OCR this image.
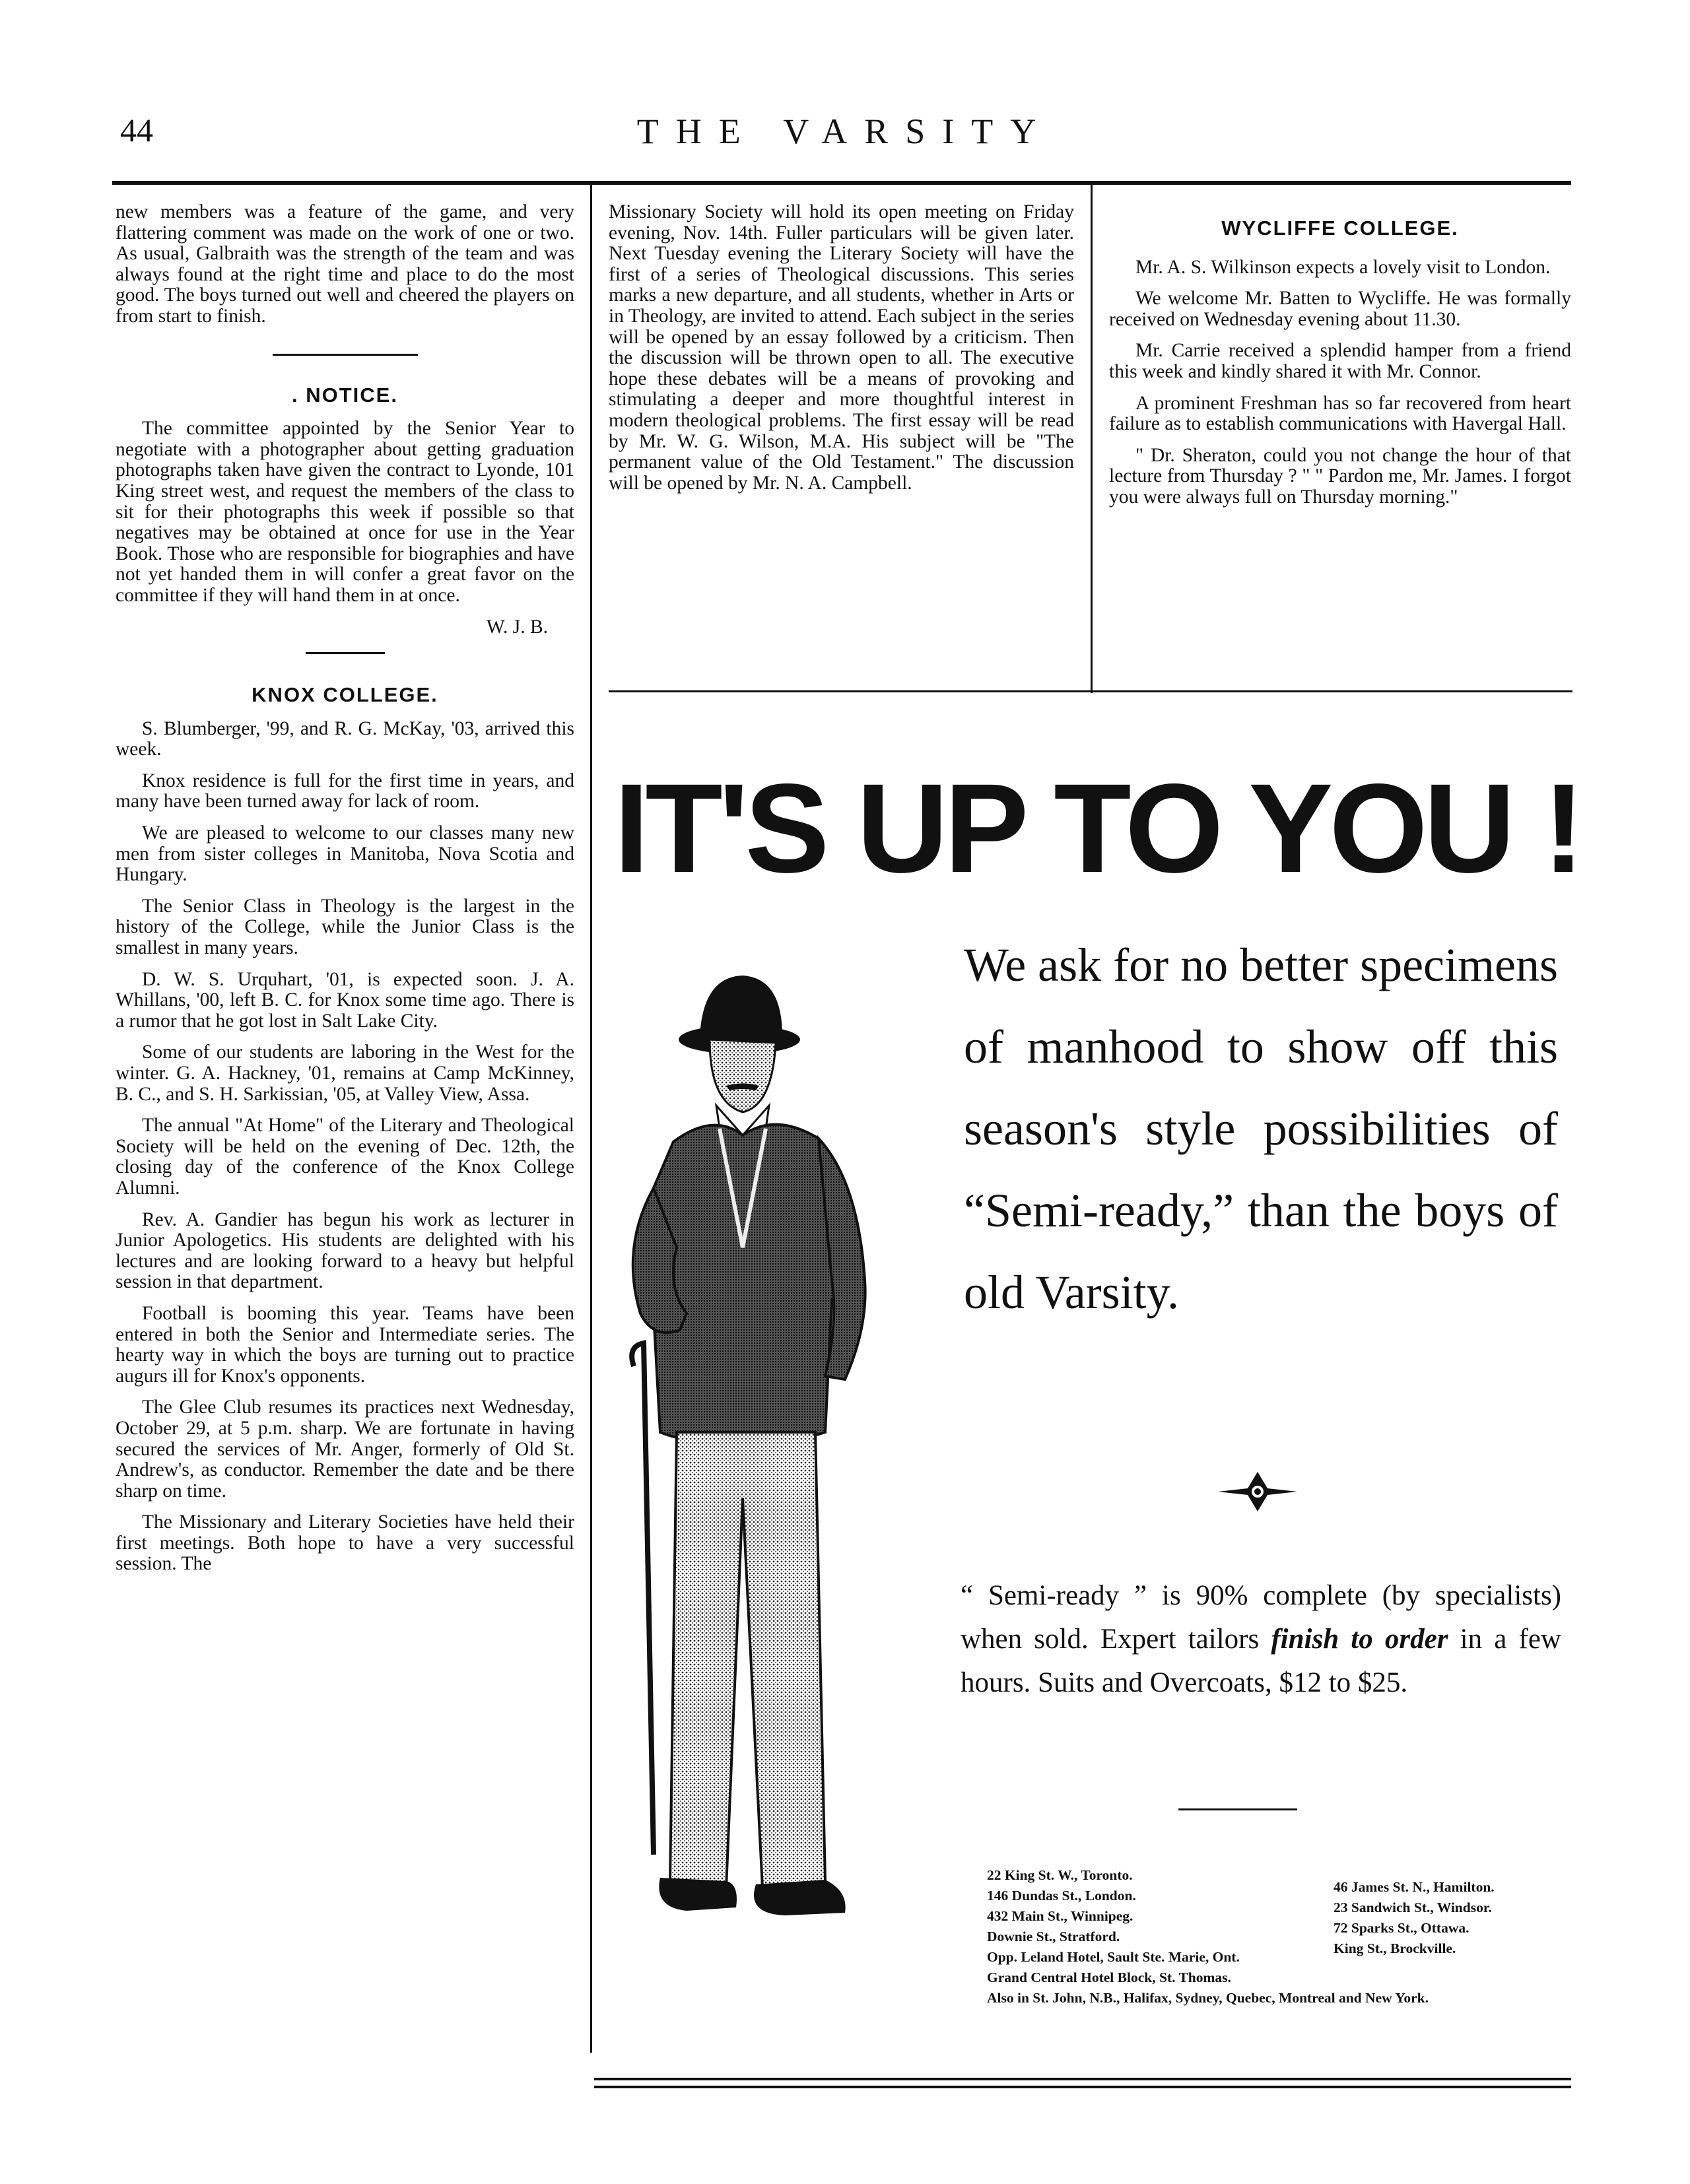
44	THE VARSITY

new members was a feature of the game, and very flattering comment was made on the work of one or two. As usual, Galbraith was the strength of the team and was always found at the right time and place to do the most good. The boys turned out well and cheered the players on from start to finish.

. NOTICE.

The committee appointed by the Senior Year to negotiate with a photographer about getting graduation photographs taken have given the contract to Lyonde, 101 King street west, and request the members of the class to sit for their photographs this week if possible so that negatives may be obtained at once for use in the Year Book. Those who are responsible for biographies and have not yet handed them in will confer a great favor on the committee if they will hand them in at once.

W. J. B.
KNOX COLLEGE.

S. Blumberger, '99, and R. G. McKay, '03, arrived this week.

Knox residence is full for the first time in years, and many have been turned away for lack of room.

We are pleased to welcome to our classes many new men from sister colleges in Manitoba, Nova Scotia and Hungary.

The Senior Class in Theology is the largest in the history of the College, while the Junior Class is the smallest in many years.

D. W. S. Urquhart, '01, is expected soon. J. A. Whillans, '00, left B. C. for Knox some time ago. There is a rumor that he got lost in Salt Lake City.

Some of our students are laboring in the West for the winter. G. A. Hackney, '01, remains at Camp McKinney, B. C., and S. H. Sarkissian, '05, at Valley View, Assa.

The annual "At Home" of the Literary and Theological Society will be held on the evening of Dec. 12th, the closing day of the conference of the Knox College Alumni.

Rev. A. Gandier has begun his work as lecturer in Junior Apologetics. His students are delighted with his lectures and are looking forward to a heavy but helpful session in that department.

Football is booming this year. Teams have been entered in both the Senior and Intermediate series. The hearty way in which the boys are turning out to practice augurs ill for Knox's opponents.

The Glee Club resumes its practices next Wednesday, October 29, at 5 p.m. sharp. We are fortunate in having secured the services of Mr. Anger, formerly of Old St. Andrew's, as conductor. Remember the date and be there sharp on time.

The Missionary and Literary Societies have held their first meetings. Both hope to have a very successful session. The

Missionary Society will hold its open meeting on Friday evening, Nov. 14th. Fuller particulars will be given later. Next Tuesday evening the Literary Society will have the first of a series of Theological discussions. This series marks a new departure, and all students, whether in Arts or in Theology, are invited to attend. Each subject in the series will be opened by an essay followed by a criticism. Then the discussion will be thrown open to all. The executive hope these debates will be a means of provoking and stimulating a deeper and more thoughtful interest in modern theological problems. The first essay will be read by Mr. W. G. Wilson, M.A. His subject will be "The permanent value of the Old Testament." The discussion will be opened by Mr. N. A. Campbell.

WYCLIFFE COLLEGE.

Mr. A. S. Wilkinson expects a lovely visit to London.

We welcome Mr. Batten to Wycliffe. He was formally received on Wednesday evening about 11.30.

Mr. Carrie received a splendid hamper from a friend this week and kindly shared it with Mr. Connor.

A prominent Freshman has so far recovered from heart failure as to establish communications with Havergal Hall.

" Dr. Sheraton, could you not change the hour of that lecture from Thursday ? " " Pardon me, Mr. James. I forgot you were always full on Thursday morning."

IT'S UP TO YOU !
We ask for no better specimens of manhood to show off this season's style possibilities of “Semi-ready,” than the boys of old Varsity.
“ Semi-ready ” is 90% complete (by specialists) when sold. Expert tailors finish to order in a few hours. Suits and Overcoats, $12 to $25.
22 King St. W., Toronto.
146 Dundas St., London.
432 Main St., Winnipeg.
Downie St., Stratford.
Opp. Leland Hotel, Sault Ste. Marie, Ont.
Grand Central Hotel Block, St. Thomas.
Also in St. John, N.B., Halifax, Sydney, Quebec, Montreal and New York.
46 James St. N., Hamilton.
23 Sandwich St., Windsor.
72 Sparks St., Ottawa.
King St., Brockville.
